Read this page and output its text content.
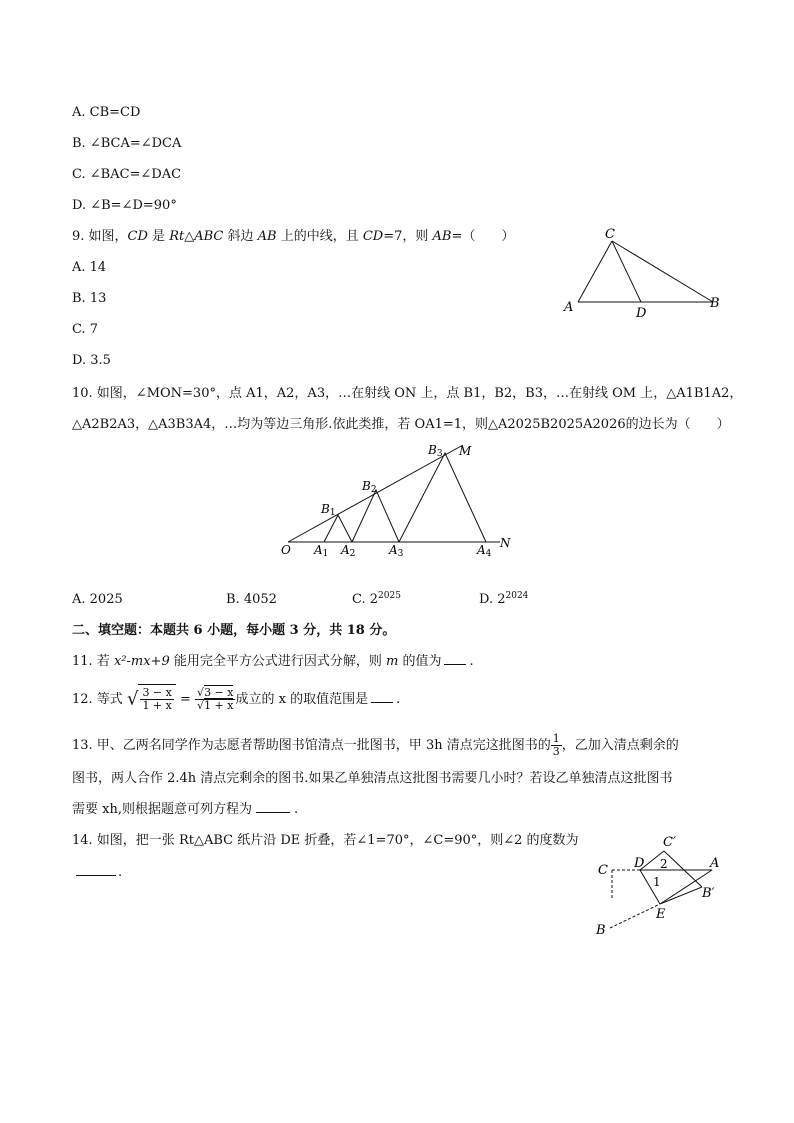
A. CB=CD
B. ∠BCA=∠DCA
C. ∠BAC=∠DAC
D. ∠B=∠D=90°
9. 如图，CD 是 Rt△ABC 斜边 AB 上的中线，且 CD=7，则 AB=（　　）
A. 14
B. 13
C. 7
D. 3.5
C
A	D
B
10. 如图，∠MON=30°，点 A1，A2，A3，…在射线 ON 上，点 B1，B2，B3，…在射线 OM 上，△A1B1A2，
△A2B2A3，△A3B3A4，…均为等边三角形.依此类推，若 OA1=1，则△A2025B2025A2026的边长为（　　）
O A1 A2	A3	A4
N
B1
B2
B3 M
A. 2025	B. 4052	C. $2^{2025}$	D. $2^{2024}$
二、填空题：本题共 6 小题，每小题 3 分，共 18 分。
11. 若 x²-mx+9 能用完全平方公式进行因式分解，则 m 的值为 .
12. 等式 √ $\frac{3 - x}{1 + x} = \frac{√3 - x}{√1 + x}$ 成立的 x 的取值范围是 .
13. 甲、乙两名同学作为志愿者帮助图书馆清点一批图书，甲 3h 清点完这批图书的 $\frac{1}{3}$ ，乙加入清点剩余的
图书，两人合作 2.4h 清点完剩余的图书.如果乙单独清点这批图书需要几小时？若设乙单独清点这批图书
需要 xh,则根据题意可列方程为	.
14. 如图，把一张 Rt△ABC 纸片沿 DE 折叠，若∠1=70°，∠C=90°，则∠2 的度数为
.	C D	A
C′
B′
E
B
1
2
